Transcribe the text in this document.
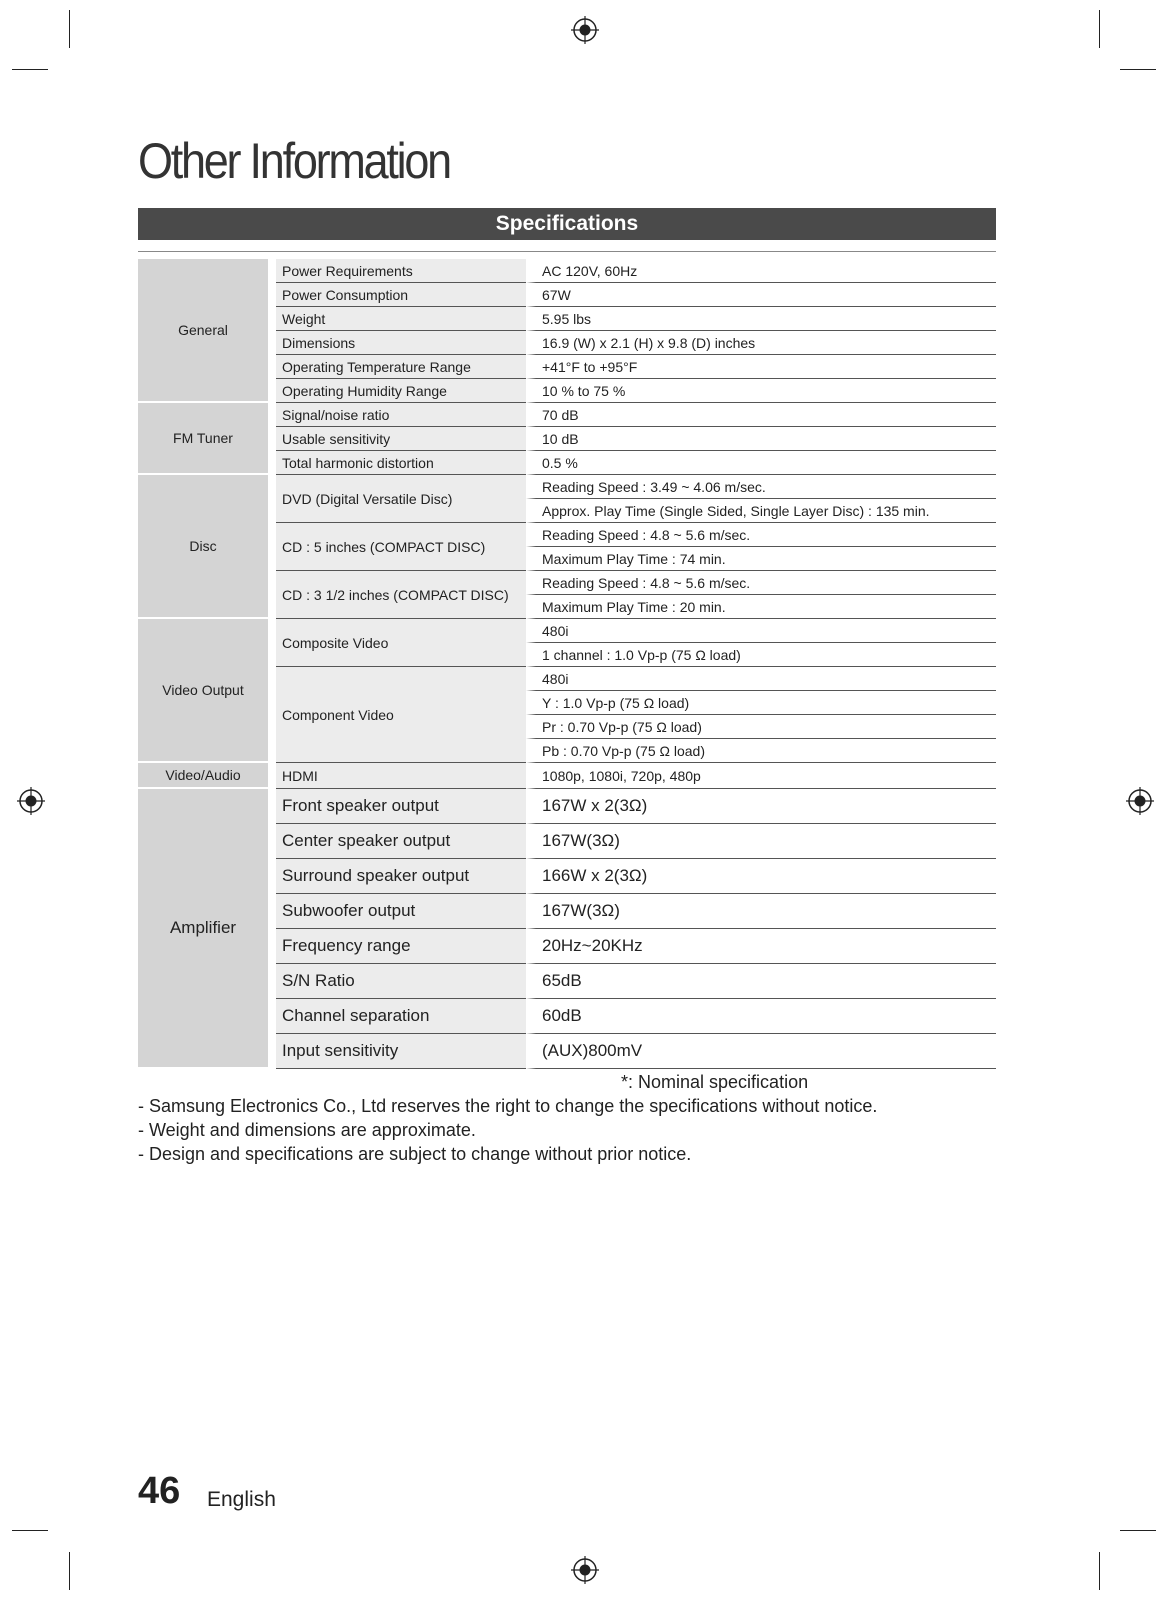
Other Information
Specifications
General	Power Requirements	AC 120V, 60Hz
	Power Consumption	67W
	Weight	5.95 lbs
	Dimensions	16.9 (W) x 2.1 (H) x 9.8 (D) inches
	Operating Temperature Range	+41°F to +95°F
	Operating Humidity Range	10 % to 75 %
FM Tuner	Signal/noise ratio	70 dB
	Usable sensitivity	10 dB
	Total harmonic distortion	0.5 %
Disc	DVD (Digital Versatile Disc)	Reading Speed : 3.49 ~ 4.06 m/sec.
		Approx. Play Time (Single Sided, Single Layer Disc) : 135 min.
	CD : 5 inches (COMPACT DISC)	Reading Speed : 4.8 ~ 5.6 m/sec.
		Maximum Play Time : 74 min.
	CD : 3 1/2 inches (COMPACT DISC)	Reading Speed : 4.8 ~ 5.6 m/sec.
		Maximum Play Time : 20 min.
Video Output	Composite Video	480i
		1 channel : 1.0 Vp-p (75 Ω load)
	Component Video	480i
		Y : 1.0 Vp-p (75 Ω load)
		Pr : 0.70 Vp-p (75 Ω load)
		Pb : 0.70 Vp-p (75 Ω load)
Video/Audio	HDMI	1080p, 1080i, 720p, 480p
Amplifier	Front speaker output	167W x 2(3Ω)
	Center speaker output	167W(3Ω)
	Surround speaker output	166W x 2(3Ω)
	Subwoofer output	167W(3Ω)
	Frequency range	20Hz~20KHz
	S/N Ratio	65dB
	Channel separation	60dB
	Input sensitivity	(AUX)800mV
*: Nominal specification
- Samsung Electronics Co., Ltd reserves the right to change the specifications without notice.
- Weight and dimensions are approximate.
- Design and specifications are subject to change without prior notice.
46 English
